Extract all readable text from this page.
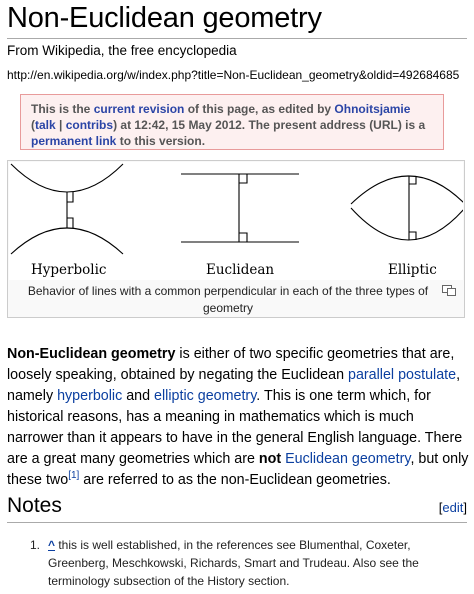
Non-Euclidean geometry
From Wikipedia, the free encyclopedia
http://en.wikipedia.org/w/index.php?title=Non-Euclidean_geometry&oldid=492684685
This is the current revision of this page, as edited by Ohnoitsjamie (talk | contribs) at 12:42, 15 May 2012. The present address (URL) is a permanent link to this version.
Hyperbolic	Euclidean	Elliptic
Behavior of lines with a common perpendicular in each of the three types of geometry
Non-Euclidean geometry is either of two specific geometries that are, loosely speaking, obtained by negating the Euclidean parallel postulate, namely hyperbolic and elliptic geometry. This is one term which, for historical reasons, has a meaning in mathematics which is much narrower than it appears to have in the general English language. There are a great many geometries which are not Euclidean geometry, but only these two[1] are referred to as the non-Euclidean geometries.
Notes	[edit]
1. ^ this is well established, in the references see Blumenthal, Coxeter, Greenberg, Meschkowski, Richards, Smart and Trudeau. Also see the terminology subsection of the History section.
